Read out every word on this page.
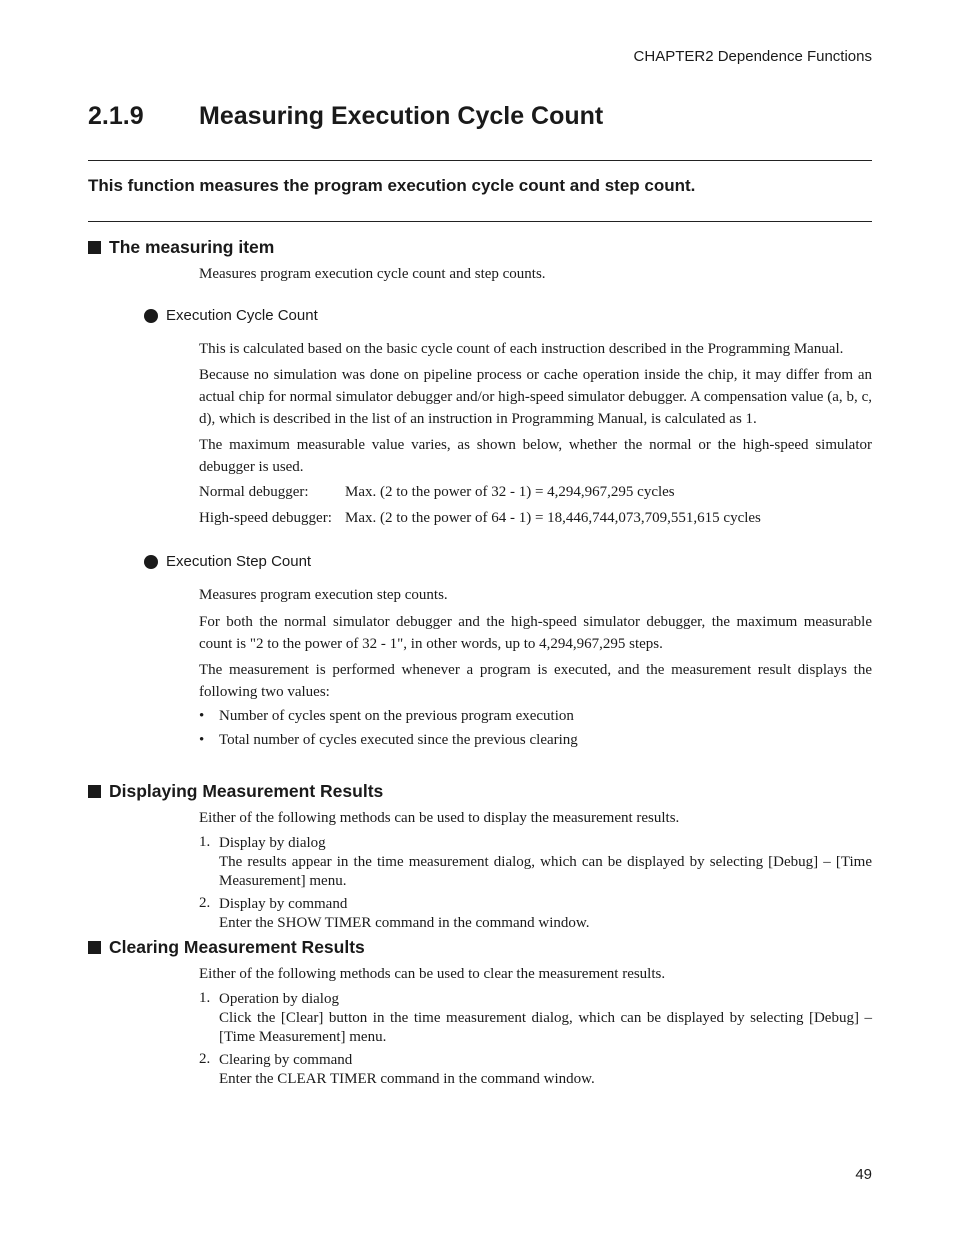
CHAPTER2 Dependence Functions
2.1.9 Measuring Execution Cycle Count
This function measures the program execution cycle count and step count.
The measuring item
Measures program execution cycle count and step counts.
Execution Cycle Count
This is calculated based on the basic cycle count of each instruction described in the Programming Manual.
Because no simulation was done on pipeline process or cache operation inside the chip, it may differ from an actual chip for normal simulator debugger and/or high-speed simulator debugger. A compensation value (a, b, c, d), which is described in the list of an instruction in Programming Manual, is calculated as 1.
The maximum measurable value varies, as shown below, whether the normal or the high-speed simulator debugger is used.
Normal debugger:	Max. (2 to the power of 32 - 1) = 4,294,967,295 cycles
High-speed debugger: Max. (2 to the power of 64 - 1) = 18,446,744,073,709,551,615 cycles
Execution Step Count
Measures program execution step counts.
For both the normal simulator debugger and the high-speed simulator debugger, the maximum measurable count is "2 to the power of 32 - 1", in other words, up to 4,294,967,295 steps.
The measurement is performed whenever a program is executed, and the measurement result displays the following two values:
• Number of cycles spent on the previous program execution
• Total number of cycles executed since the previous clearing
Displaying Measurement Results
Either of the following methods can be used to display the measurement results.
1. Display by dialog
The results appear in the time measurement dialog, which can be displayed by selecting [Debug] – [Time Measurement] menu.
2. Display by command
Enter the SHOW TIMER command in the command window.
Clearing Measurement Results
Either of the following methods can be used to clear the measurement results.
1. Operation by dialog
Click the [Clear] button in the time measurement dialog, which can be displayed by selecting [Debug] – [Time Measurement] menu.
2. Clearing by command
Enter the CLEAR TIMER command in the command window.
49
